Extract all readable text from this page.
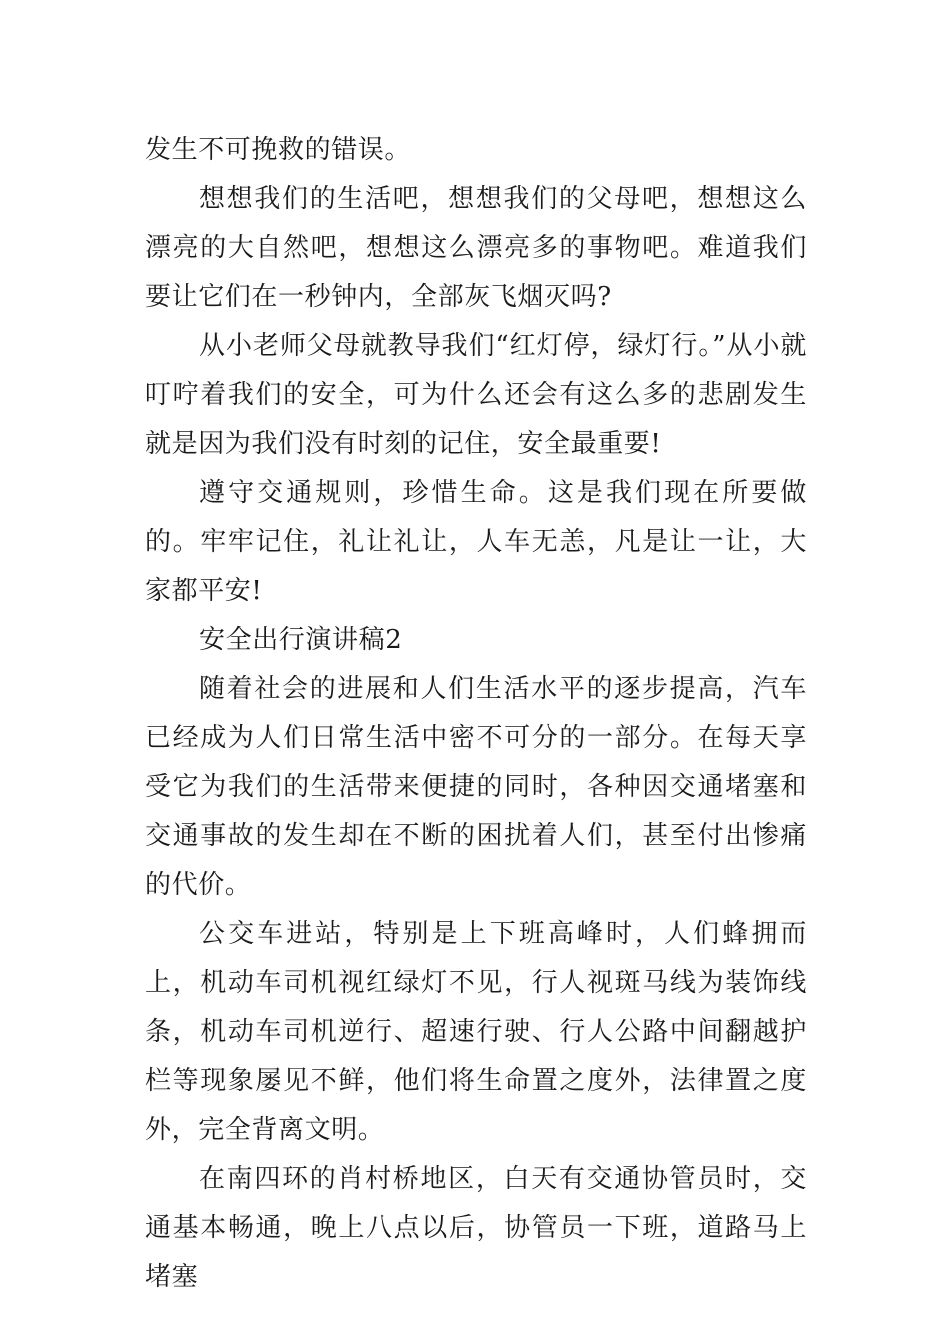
发生不可挽救的错误。

想想我们的生活吧，想想我们的父母吧，想想这么漂亮的大自然吧，想想这么漂亮多的事物吧。难道我们要让它们在一秒钟内，全部灰飞烟灭吗?

从小老师父母就教导我们“红灯停，绿灯行。”从小就叮咛着我们的安全，可为什么还会有这么多的悲剧发生就是因为我们没有时刻的记住，安全最重要!

遵守交通规则，珍惜生命。这是我们现在所要做的。牢牢记住，礼让礼让，人车无恙，凡是让一让，大家都平安!

安全出行演讲稿2

随着社会的进展和人们生活水平的逐步提高，汽车已经成为人们日常生活中密不可分的一部分。在每天享受它为我们的生活带来便捷的同时，各种因交通堵塞和交通事故的发生却在不断的困扰着人们，甚至付出惨痛的代价。

公交车进站，特别是上下班高峰时，人们蜂拥而上，机动车司机视红绿灯不见，行人视斑马线为装饰线条，机动车司机逆行、超速行驶、行人公路中间翻越护栏等现象屡见不鲜，他们将生命置之度外，法律置之度外，完全背离文明。

在南四环的肖村桥地区，白天有交通协管员时，交通基本畅通，晚上八点以后，协管员一下班，道路马上堵塞
